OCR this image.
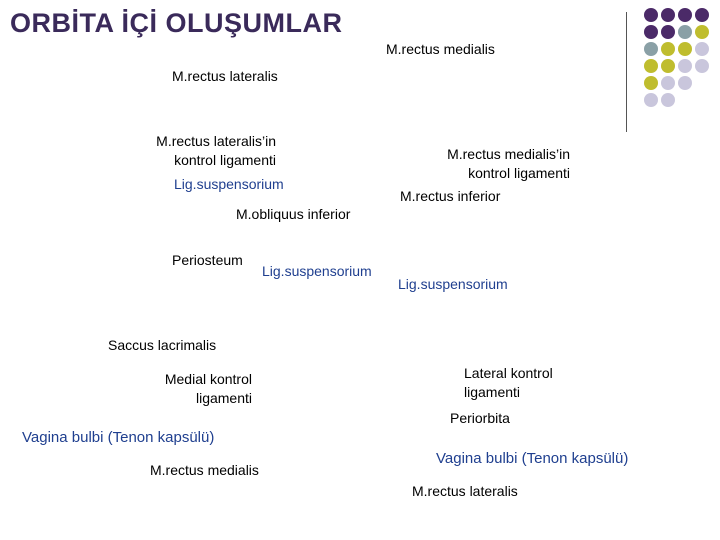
ORBİTA İÇİ OLUŞUMLAR
M.rectus medialis
M.rectus lateralis
M.rectus lateralis’in
kontrol ligamenti
Lig.suspensorium
M.obliquus inferior
M.rectus medialis’in
kontrol ligamenti
M.rectus inferior
Periosteum
Lig.suspensorium
Lig.suspensorium
Saccus lacrimalis
Medial kontrol
ligamenti
Lateral kontrol
ligamenti
Periorbita
Vagina bulbi (Tenon kapsülü)
Vagina bulbi (Tenon kapsülü)
M.rectus medialis
M.rectus lateralis
